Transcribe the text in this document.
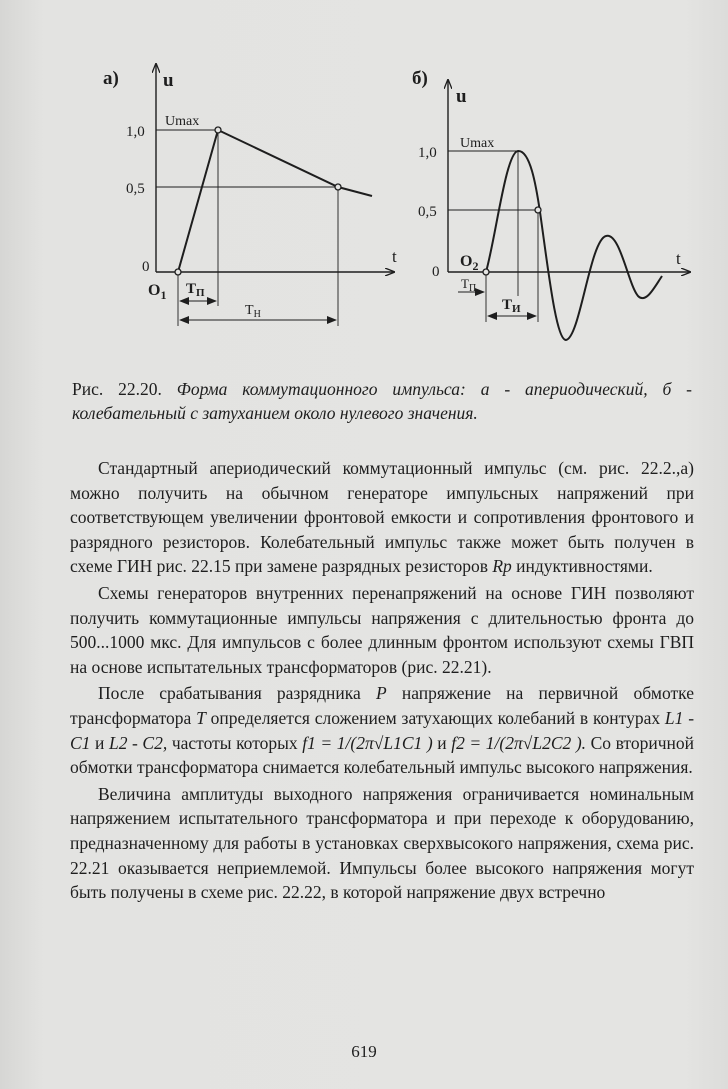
а) u
t
1,0
0,5
0
Umax
$O_1$ $T_П$
$T_Н$
б)
u
t
1,0
0,5
0
Umax
$O_2$
$T_П$
$T_И$
Рис. 22.20. Форма коммутационного импульса: а - апериодический, б - колебательный с затуханием около нулевого значения.

Стандартный апериодический коммутационный импульс (см. рис. 22.2.,а) можно получить на обычном генераторе импульсных напряжений при соответствующем увеличении фронтовой емкости и сопротивления фронтового и разрядного резисторов. Колебательный импульс также может быть получен в схеме ГИН рис. 22.15 при замене разрядных резисторов Rр индуктивностями.

Схемы генераторов внутренних перенапряжений на основе ГИН позволяют получить коммутационные импульсы напряжения с длительностью фронта до 500...1000 мкс. Для импульсов с более длинным фронтом используют схемы ГВП на основе испытательных трансформаторов (рис. 22.21).

После срабатывания разрядника P напряжение на первичной обмотке трансформатора T определяется сложением затухающих колебаний в контурах L1 - C1 и L2 - C2, частоты которых f1 = 1/(2π√L1C1 ) и f2 = 1/(2π√L2C2 ). Со вторичной обмотки трансформатора снимается колебательный импульс высокого напряжения.

Величина амплитуды выходного напряжения ограничивается номинальным напряжением испытательного трансформатора и при переходе к оборудованию, предназначенному для работы в установках сверхвысокого напряжения, схема рис. 22.21 оказывается неприемлемой. Импульсы более высокого напряжения могут быть получены в схеме рис. 22.22, в которой напряжение двух встречно

619
